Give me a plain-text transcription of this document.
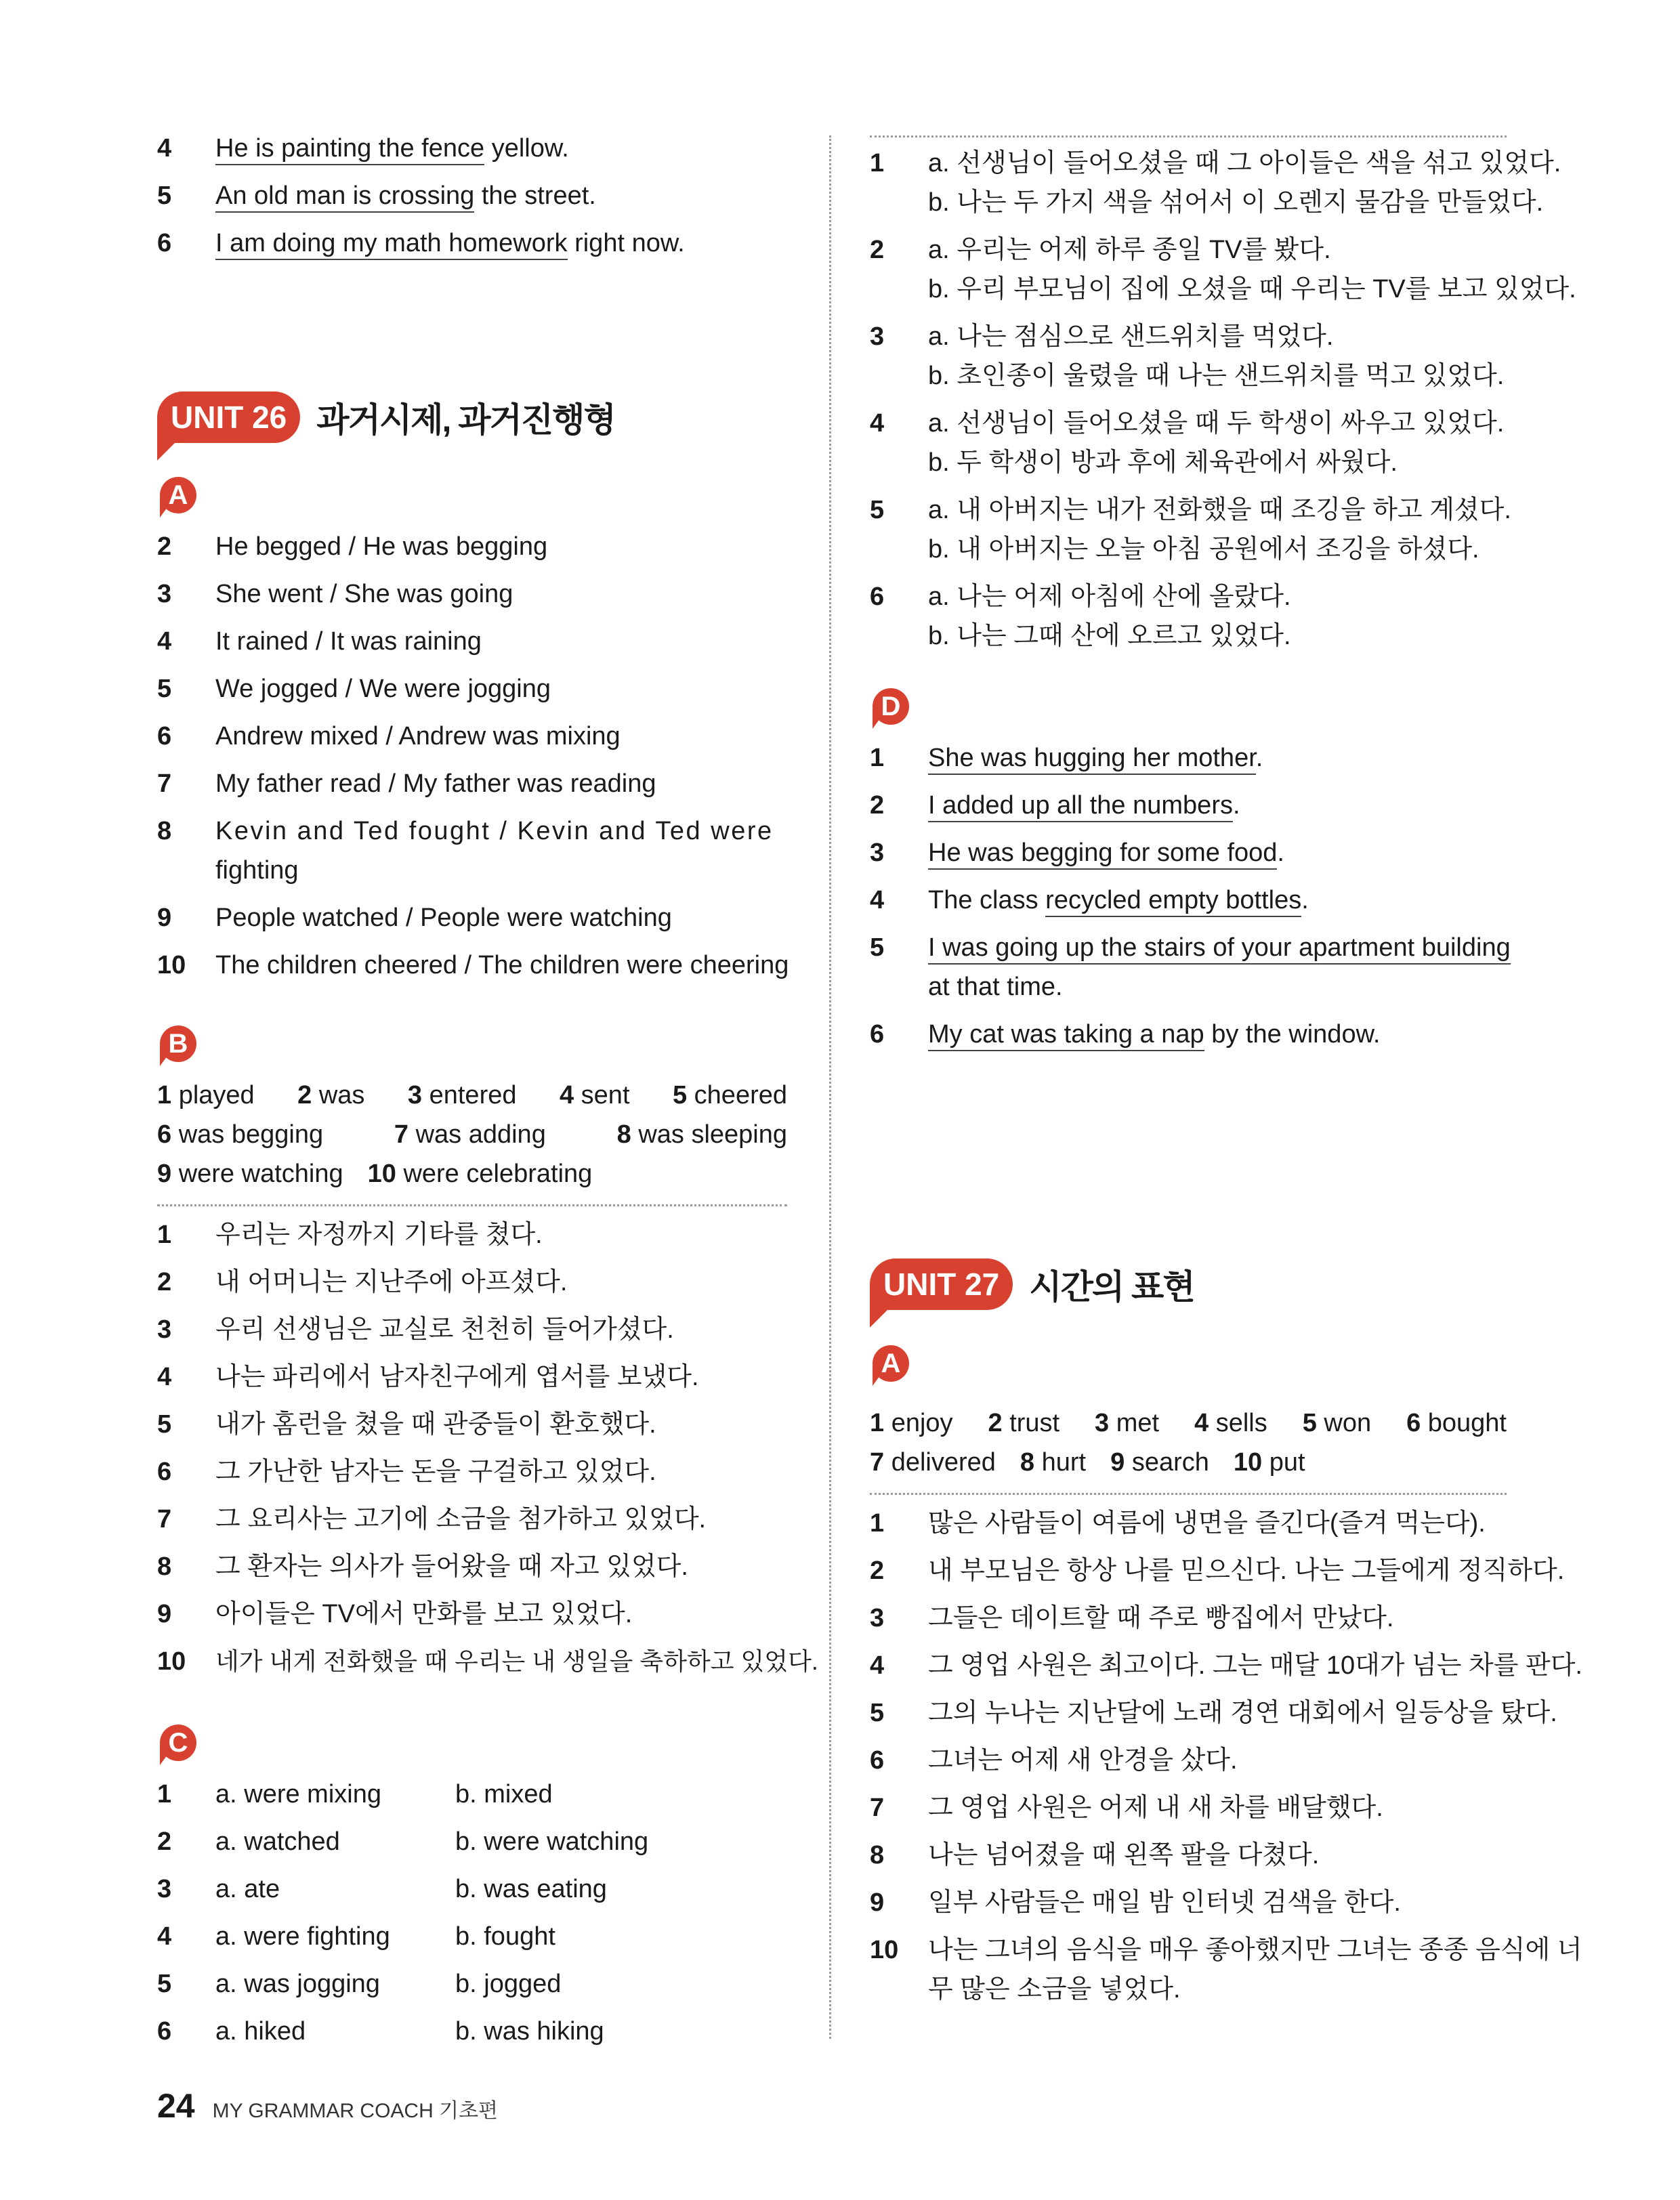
4	He is painting the fence yellow.
5	An old man is crossing the street.
6	I am doing my math homework right now.
UNIT 26 과거시제, 과거진행형
A
2	He begged / He was begging
3	She went / She was going
4	It rained / It was raining
5	We jogged / We were jogging
6	Andrew mixed / Andrew was mixing
7	My father read / My father was reading
8	Kevin and Ted fought / Kevin and Ted were
fighting
9	People watched / People were watching
10	The children cheered / The children were cheering
B
1 played 2 was 3 entered 4 sent 5 cheered
6 was begging	7 was adding	8 was sleeping
9 were watching 10 were celebrating
1	우리는 자정까지 기타를 쳤다.
2	내 어머니는 지난주에 아프셨다.
3	우리 선생님은 교실로 천천히 들어가셨다.
4	나는 파리에서 남자친구에게 엽서를 보냈다.
5	내가 홈런을 쳤을 때 관중들이 환호했다.
6	그 가난한 남자는 돈을 구걸하고 있었다.
7	그 요리사는 고기에 소금을 첨가하고 있었다.
8	그 환자는 의사가 들어왔을 때 자고 있었다.
9	아이들은 TV에서 만화를 보고 있었다.
10	네가 내게 전화했을 때 우리는 내 생일을 축하하고 있었다.
C
1	a. were mixing	b. mixed
2	a. watched	b. were watching
3	a. ate	b. was eating
4	a. were fighting	b. fought
5	a. was jogging	b. jogged
6	a. hiked	b. was hiking
1	a. 선생님이 들어오셨을 때 그 아이들은 색을 섞고 있었다.
b. 나는 두 가지 색을 섞어서 이 오렌지 물감을 만들었다.
2	a. 우리는 어제 하루 종일 TV를 봤다.
b. 우리 부모님이 집에 오셨을 때 우리는 TV를 보고 있었다.
3	a. 나는 점심으로 샌드위치를 먹었다.
b. 초인종이 울렸을 때 나는 샌드위치를 먹고 있었다.
4	a. 선생님이 들어오셨을 때 두 학생이 싸우고 있었다.
b. 두 학생이 방과 후에 체육관에서 싸웠다.
5	a. 내 아버지는 내가 전화했을 때 조깅을 하고 계셨다.
b. 내 아버지는 오늘 아침 공원에서 조깅을 하셨다.
6	a. 나는 어제 아침에 산에 올랐다.
b. 나는 그때 산에 오르고 있었다.
D
1	She was hugging her mother.
2	I added up all the numbers.
3	He was begging for some food.
4	The class recycled empty bottles.
5	I was going up the stairs of your apartment building
at that time.
6	My cat was taking a nap by the window.
UNIT 27 시간의 표현
A
1 enjoy 2 trust 3 met 4 sells 5 won 6 bought
7 delivered 8 hurt 9 search 10 put
1	많은 사람들이 여름에 냉면을 즐긴다(즐겨 먹는다).
2	내 부모님은 항상 나를 믿으신다. 나는 그들에게 정직하다.
3	그들은 데이트할 때 주로 빵집에서 만났다.
4	그 영업 사원은 최고이다. 그는 매달 10대가 넘는 차를 판다.
5	그의 누나는 지난달에 노래 경연 대회에서 일등상을 탔다.
6	그녀는 어제 새 안경을 샀다.
7	그 영업 사원은 어제 내 새 차를 배달했다.
8	나는 넘어졌을 때 왼쪽 팔을 다쳤다.
9	일부 사람들은 매일 밤 인터넷 검색을 한다.
10	나는 그녀의 음식을 매우 좋아했지만 그녀는 종종 음식에 너
무 많은 소금을 넣었다.
24 MY GRAMMAR COACH 기초편
